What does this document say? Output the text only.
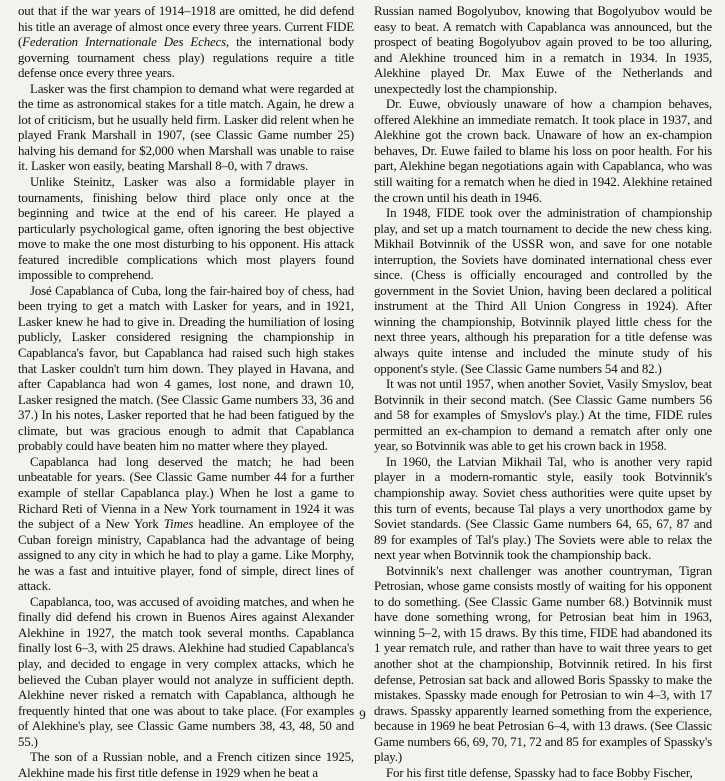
out that if the war years of 1914–1918 are omitted, he did defend his title an average of almost once every three years. Current FIDE (Federation Internationale Des Echecs, the international body governing tournament chess play) regulations require a title defense once every three years.

Lasker was the first champion to demand what were regarded at the time as astronomical stakes for a title match. Again, he drew a lot of criticism, but he usually held firm. Lasker did relent when he played Frank Marshall in 1907, (see Classic Game number 25) halving his demand for $2,000 when Marshall was unable to raise it. Lasker won easily, beating Marshall 8–0, with 7 draws.

Unlike Steinitz, Lasker was also a formidable player in tournaments, finishing below third place only once at the beginning and twice at the end of his career. He played a particularly psychological game, often ignoring the best objective move to make the one most disturbing to his opponent. His attack featured incredible complications which most players found impossible to comprehend.

José Capablanca of Cuba, long the fair-haired boy of chess, had been trying to get a match with Lasker for years, and in 1921, Lasker knew he had to give in. Dreading the humiliation of losing publicly, Lasker considered resigning the championship in Capablanca's favor, but Capablanca had raised such high stakes that Lasker couldn't turn him down. They played in Havana, and after Capablanca had won 4 games, lost none, and drawn 10, Lasker resigned the match. (See Classic Game numbers 33, 36 and 37.) In his notes, Lasker reported that he had been fatigued by the climate, but was gracious enough to admit that Capablanca probably could have beaten him no matter where they played.

Capablanca had long deserved the match; he had been unbeatable for years. (See Classic Game number 44 for a further example of stellar Capablanca play.) When he lost a game to Richard Reti of Vienna in a New York tournament in 1924 it was the subject of a New York Times headline. An employee of the Cuban foreign ministry, Capablanca had the advantage of being assigned to any city in which he had to play a game. Like Morphy, he was a fast and intuitive player, fond of simple, direct lines of attack.

Capablanca, too, was accused of avoiding matches, and when he finally did defend his crown in Buenos Aires against Alexander Alekhine in 1927, the match took several months. Capablanca finally lost 6–3, with 25 draws. Alekhine had studied Capablanca's play, and decided to engage in very complex attacks, which he believed the Cuban player would not analyze in sufficient depth. Alekhine never risked a rematch with Capablanca, although he frequently hinted that one was about to take place. (For examples of Alekhine's play, see Classic Game numbers 38, 43, 48, 50 and 55.)

The son of a Russian noble, and a French citizen since 1925, Alekhine made his first title defense in 1929 when he beat a

Russian named Bogolyubov, knowing that Bogolyubov would be easy to beat. A rematch with Capablanca was announced, but the prospect of beating Bogolyubov again proved to be too alluring, and Alekhine trounced him in a rematch in 1934. In 1935, Alekhine played Dr. Max Euwe of the Netherlands and unexpectedly lost the championship.

Dr. Euwe, obviously unaware of how a champion behaves, offered Alekhine an immediate rematch. It took place in 1937, and Alekhine got the crown back. Unaware of how an ex-champion behaves, Dr. Euwe failed to blame his loss on poor health. For his part, Alekhine began negotiations again with Capablanca, who was still waiting for a rematch when he died in 1942. Alekhine retained the crown until his death in 1946.

In 1948, FIDE took over the administration of championship play, and set up a match tournament to decide the new chess king. Mikhail Botvinnik of the USSR won, and save for one notable interruption, the Soviets have dominated international chess ever since. (Chess is officially encouraged and controlled by the government in the Soviet Union, having been declared a political instrument at the Third All Union Congress in 1924). After winning the championship, Botvinnik played little chess for the next three years, although his preparation for a title defense was always quite intense and included the minute study of his opponent's style. (See Classic Game numbers 54 and 82.)

It was not until 1957, when another Soviet, Vasily Smyslov, beat Botvinnik in their second match. (See Classic Game numbers 56 and 58 for examples of Smyslov's play.) At the time, FIDE rules permitted an ex-champion to demand a rematch after only one year, so Botvinnik was able to get his crown back in 1958.

In 1960, the Latvian Mikhail Tal, who is another very rapid player in a modern-romantic style, easily took Botvinnik's championship away. Soviet chess authorities were quite upset by this turn of events, because Tal plays a very unorthodox game by Soviet standards. (See Classic Game numbers 64, 65, 67, 87 and 89 for examples of Tal's play.) The Soviets were able to relax the next year when Botvinnik took the championship back.

Botvinnik's next challenger was another countryman, Tigran Petrosian, whose game consists mostly of waiting for his opponent to do something. (See Classic Game number 68.) Botvinnik must have done something wrong, for Petrosian beat him in 1963, winning 5–2, with 15 draws. By this time, FIDE had abandoned its 1 year rematch rule, and rather than have to wait three years to get another shot at the championship, Botvinnik retired. In his first defense, Petrosian sat back and allowed Boris Spassky to make the mistakes. Spassky made enough for Petrosian to win 4–3, with 17 draws. Spassky apparently learned something from the experience, because in 1969 he beat Petrosian 6–4, with 13 draws. (See Classic Game numbers 66, 69, 70, 71, 72 and 85 for examples of Spassky's play.)

For his first title defense, Spassky had to face Bobby Fischer,

9
